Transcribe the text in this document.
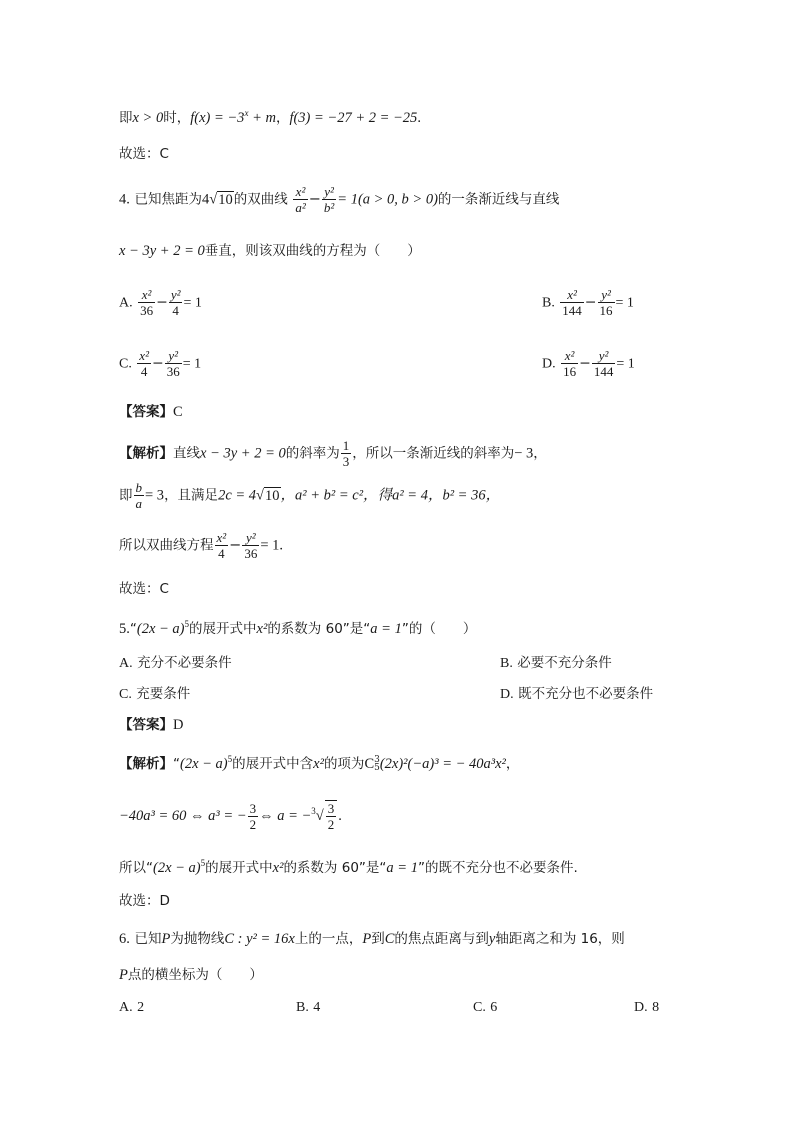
即x > 0时，$f(x) = -3^x + m$，f(3) = −27 + 2 = −25.
故选：C
4. 已知焦距为4√10的双曲线 $\frac{\text{x²}}{\text{a²}} - \frac{\text{y²}}{\text{b²}} = 1(a > 0$, b > 0)的一条渐近线与直线
x − 3y + 2 = 0垂直，则该双曲线的方程为（　　）
A. $\frac{\text{x²}}{36} - \frac{\text{y²}}{4} = 1$	B. $\frac{\text{x²}}{144} - \frac{\text{y²}}{16} = 1$
C. $\frac{\text{x²}}{4} - \frac{\text{y²}}{36} = 1$	D. $\frac{\text{x²}}{16} - \frac{\text{y²}}{144} = 1$
【答案】C
【解析】直线x − 3y + 2 = 0的斜率为 $\frac{1}{3}$ ，所以一条渐近线的斜率为− 3，
即 $\frac{b}{a} = 3$，且满足2c = 4√10，a² + b² = c²，得a² = 4，b² = 36，
所以双曲线方程 $\frac{\text{x²}}{4} - \frac{\text{y²}}{36} = 1$.
故选：C
5.“(2x − a)$^5$的展开式中x²的系数为 60”是“a = 1”的（　　）
A. 充分不必要条件	B. 必要不充分条件
C. 充要条件	D. 既不充分也不必要条件
【答案】D
【解析】“$(2x - a)^5$的展开式中含x²的项为C 3
5 (2x)²(−a)³ = − 40a³x²，
−40a³ = 60 ⇔ a³ = − $\frac{3}{2}$ ⇔ $a = -^3√ \frac{3}{2}$ .
所以“$(2x - a)^5$的展开式中x²的系数为 60”是“a = 1”的既不充分也不必要条件.
故选：D
6. 已知P为抛物线C : y² = 16x上的一点，P到C的焦点距离与到y轴距离之和为 16，则
P点的横坐标为（　　）
A. 2	B. 4	C. 6	D. 8
